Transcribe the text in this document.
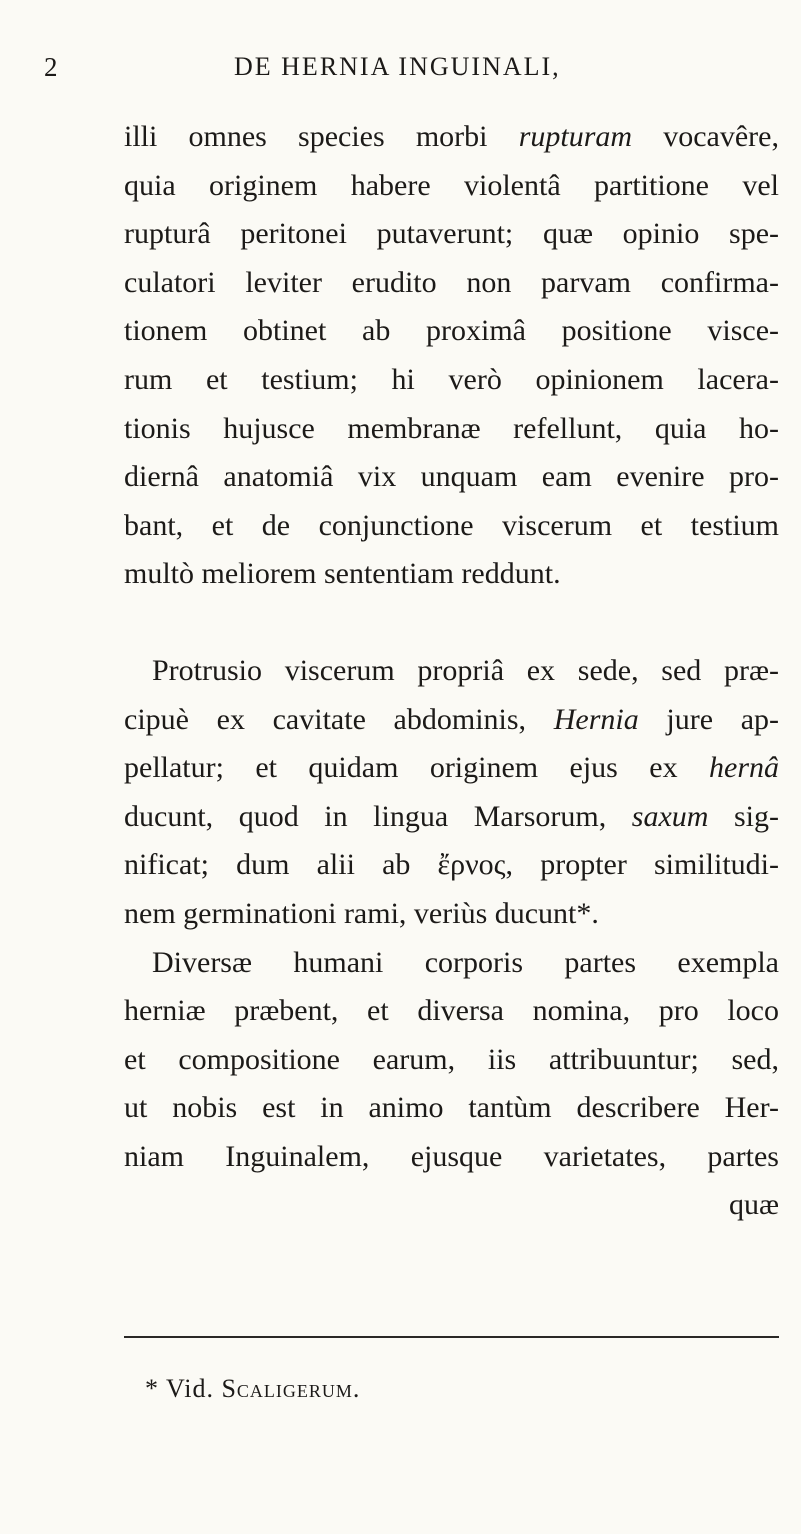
2	DE HERNIA INGUINALI,
illi omnes species morbi rupturam vocavêre,
quia originem habere violentâ partitione vel
rupturâ peritonei putaverunt; quæ opinio spe-
culatori leviter erudito non parvam confirma-
tionem obtinet ab proximâ positione visce-
rum et testium; hi verò opinionem lacera-
tionis hujusce membranæ refellunt, quia ho-
diernâ anatomiâ vix unquam eam evenire pro-
bant, et de conjunctione viscerum et testium
multò meliorem sententiam reddunt.
Protrusio viscerum propriâ ex sede, sed præ-
cipuè ex cavitate abdominis, Hernia jure ap-
pellatur; et quidam originem ejus ex hernâ
ducunt, quod in lingua Marsorum, saxum sig-
nificat; dum alii ab ἔρνος, propter similitudi-
nem germinationi rami, veriùs ducunt*.
Diversæ humani corporis partes exempla
herniæ præbent, et diversa nomina, pro loco
et compositione earum, iis attribuuntur; sed,
ut nobis est in animo tantùm describere Her-
niam Inguinalem, ejusque varietates, partes
quæ
* Vid. Scaligerum.
